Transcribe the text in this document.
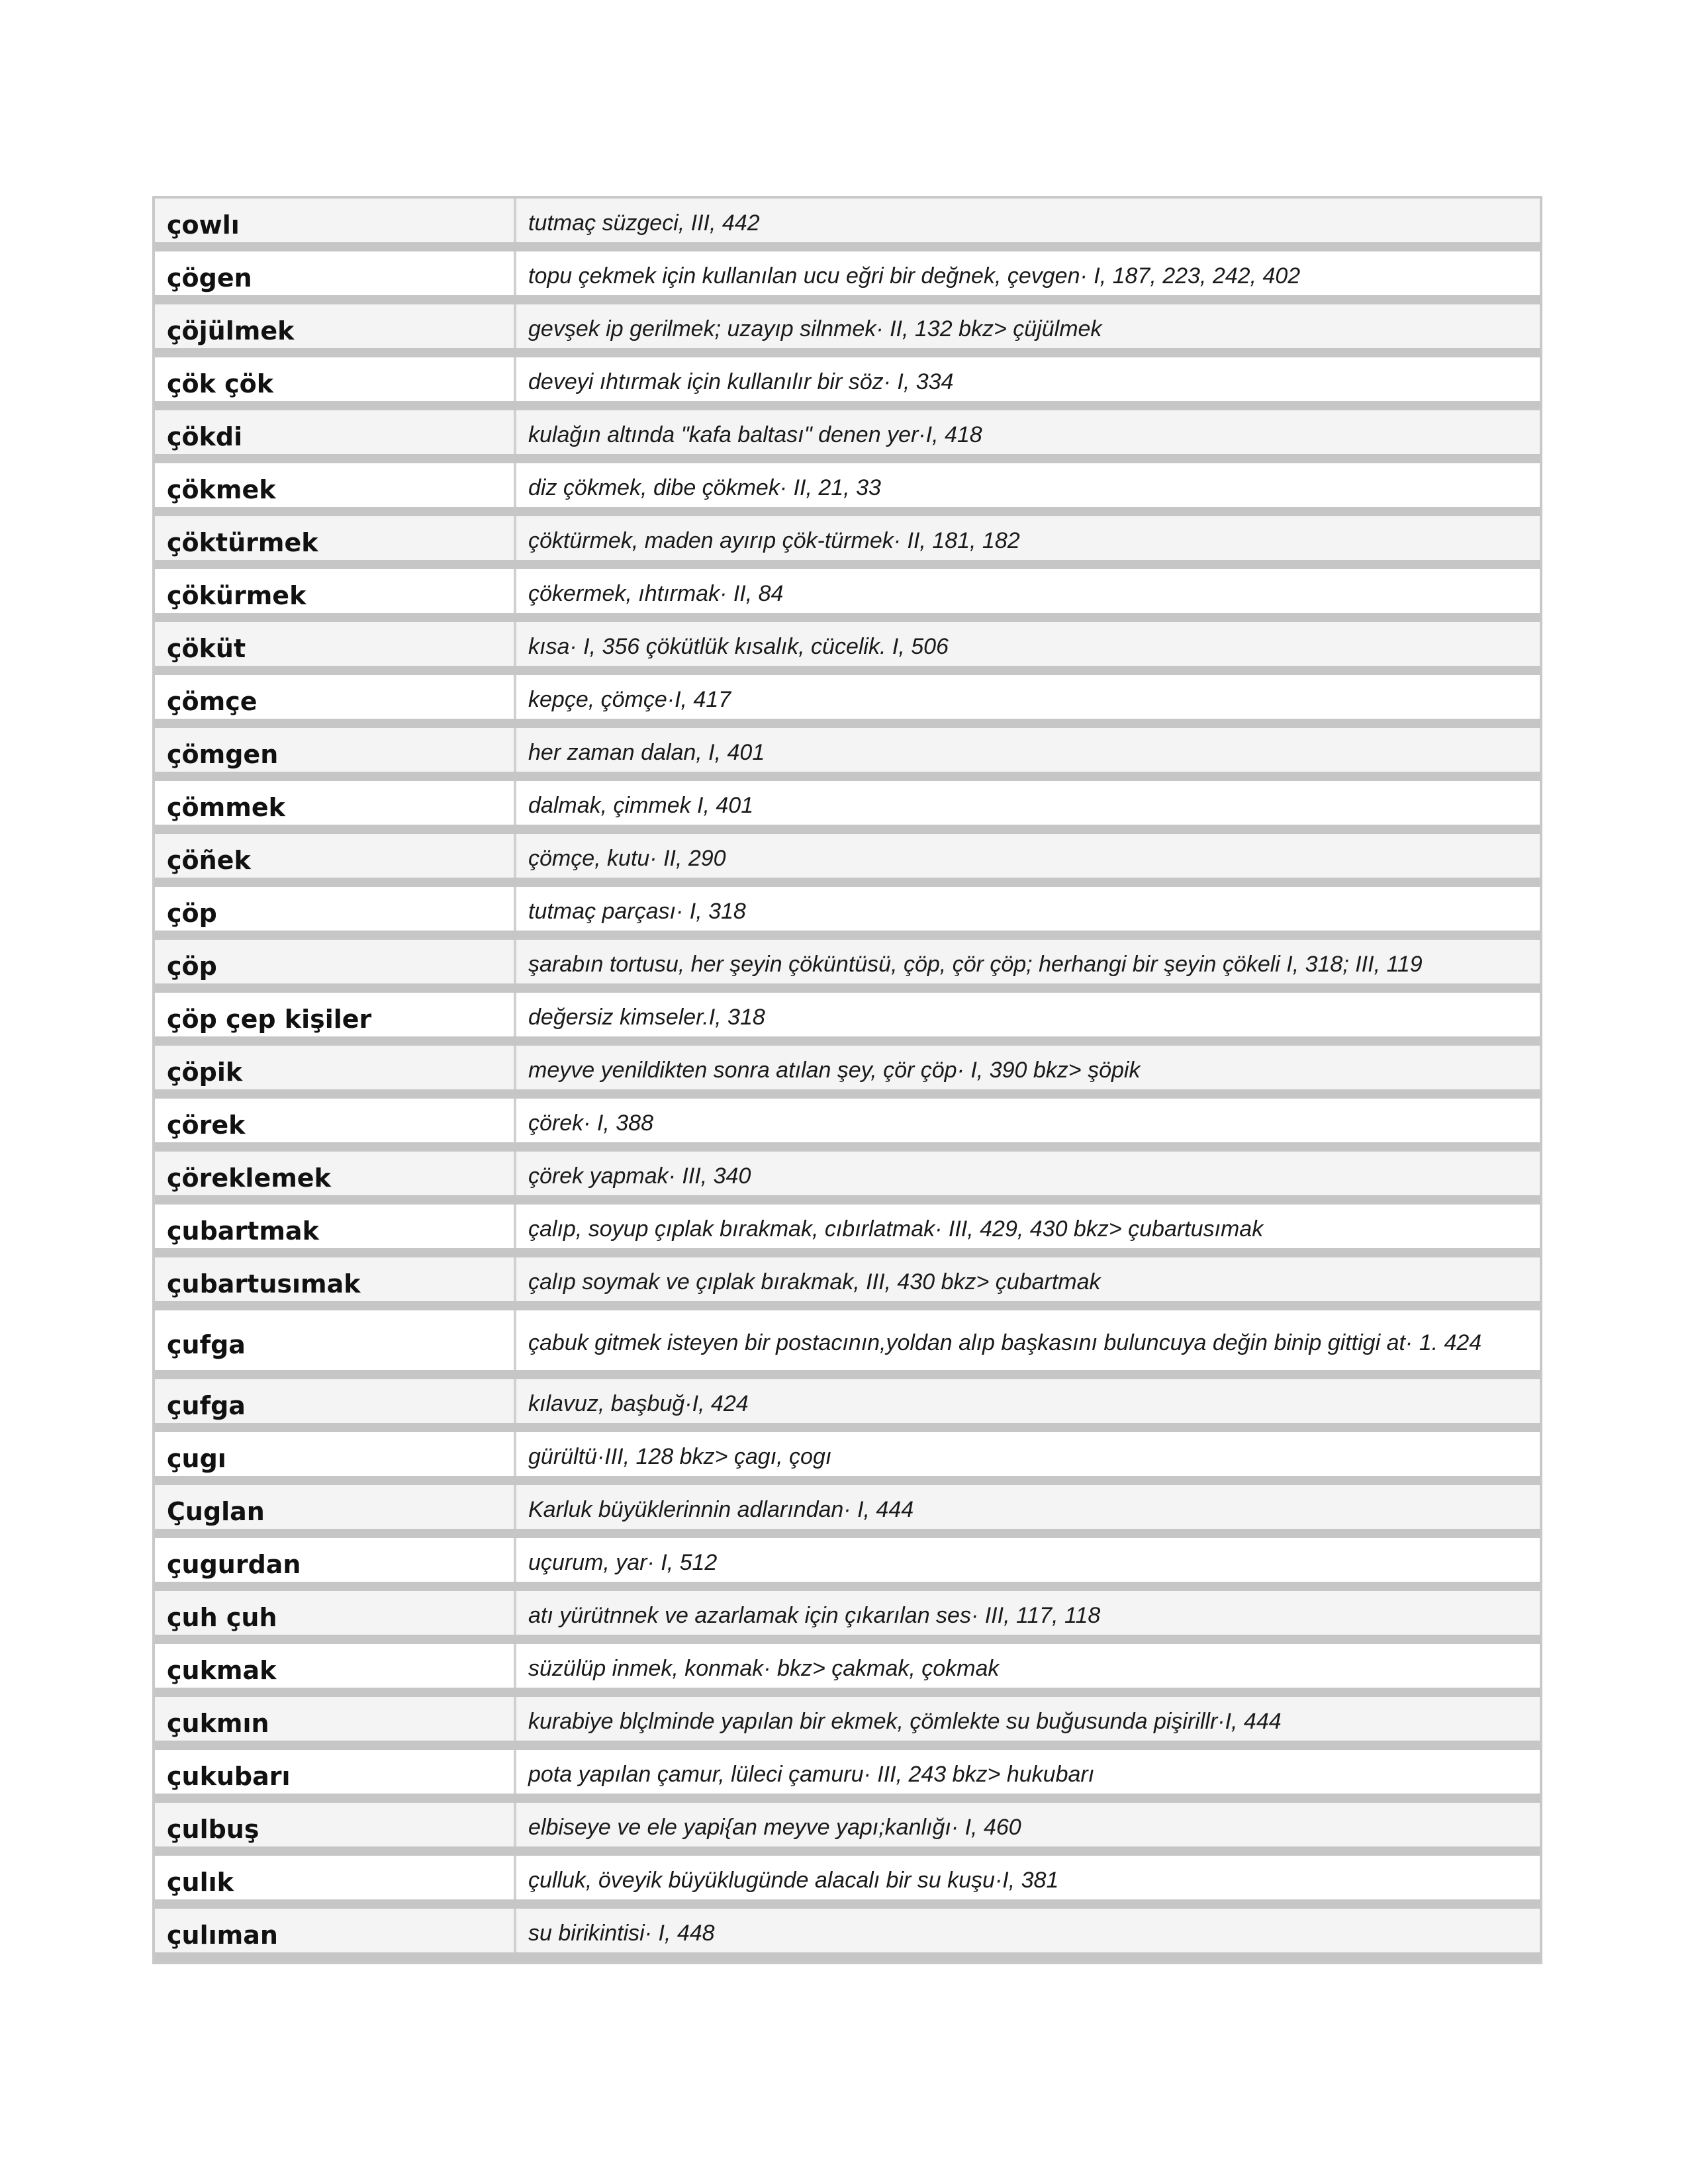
çowlı	tutmaç süzgeci, III, 442
çögen	topu çekmek için kullanılan ucu eğri bir değnek, çevgen· I, 187, 223, 242, 402
çöjülmek	gevşek ip gerilmek; uzayıp silnmek· II, 132 bkz> çüjülmek
çök çök	deveyi ıhtırmak için kullanılır bir söz· I, 334
çökdi	kulağın altında "kafa baltası" denen yer·I, 418
çökmek	diz çökmek, dibe çökmek· II, 21, 33
çöktürmek	çöktürmek, maden ayırıp çök-türmek· II, 181, 182
çökürmek	çökermek, ıhtırmak· II, 84
çöküt	kısa· I, 356 çökütlük kısalık, cücelik. I, 506
çömçe	kepçe, çömçe·I, 417
çömgen	her zaman dalan, I, 401
çömmek	dalmak, çimmek I, 401
çöñek	çömçe, kutu· II, 290
çöp	tutmaç parçası· I, 318
çöp	şarabın tortusu, her şeyin çöküntüsü, çöp, çör çöp; herhangi bir şeyin çökeli I, 318; III, 119
çöp çep kişiler	değersiz kimseler.I, 318
çöpik	meyve yenildikten sonra atılan şey, çör çöp· I, 390 bkz> şöpik
çörek	çörek· I, 388
çöreklemek	çörek yapmak· III, 340
çubartmak	çalıp, soyup çıplak bırakmak, cıbırlatmak· III, 429, 430 bkz> çubartusımak
çubartusımak	çalıp soymak ve çıplak bırakmak, III, 430 bkz> çubartmak
çufga	çabuk gitmek isteyen bir postacının,yoldan alıp başkasını buluncuya değin binip gittigi at· 1. 424
çufga	kılavuz, başbuğ·I, 424
çugı	gürültü·III, 128 bkz> çagı, çogı
Çuglan	Karluk büyüklerinnin adlarından· I, 444
çugurdan	uçurum, yar· I, 512
çuh çuh	atı yürütnnek ve azarlamak için çıkarılan ses· III, 117, 118
çukmak	süzülüp inmek, konmak· bkz> çakmak, çokmak
çukmın	kurabiye blçlminde yapılan bir ekmek, çömlekte su buğusunda pişirillr·I, 444
çukubarı	pota yapılan çamur, lüleci çamuru· III, 243 bkz> hukubarı
çulbuş	elbiseye ve ele yapi{an meyve yapı;kanlığı· I, 460
çulık	çulluk, öveyik büyüklugünde alacalı bir su kuşu·I, 381
çulıman	su birikintisi· I, 448
